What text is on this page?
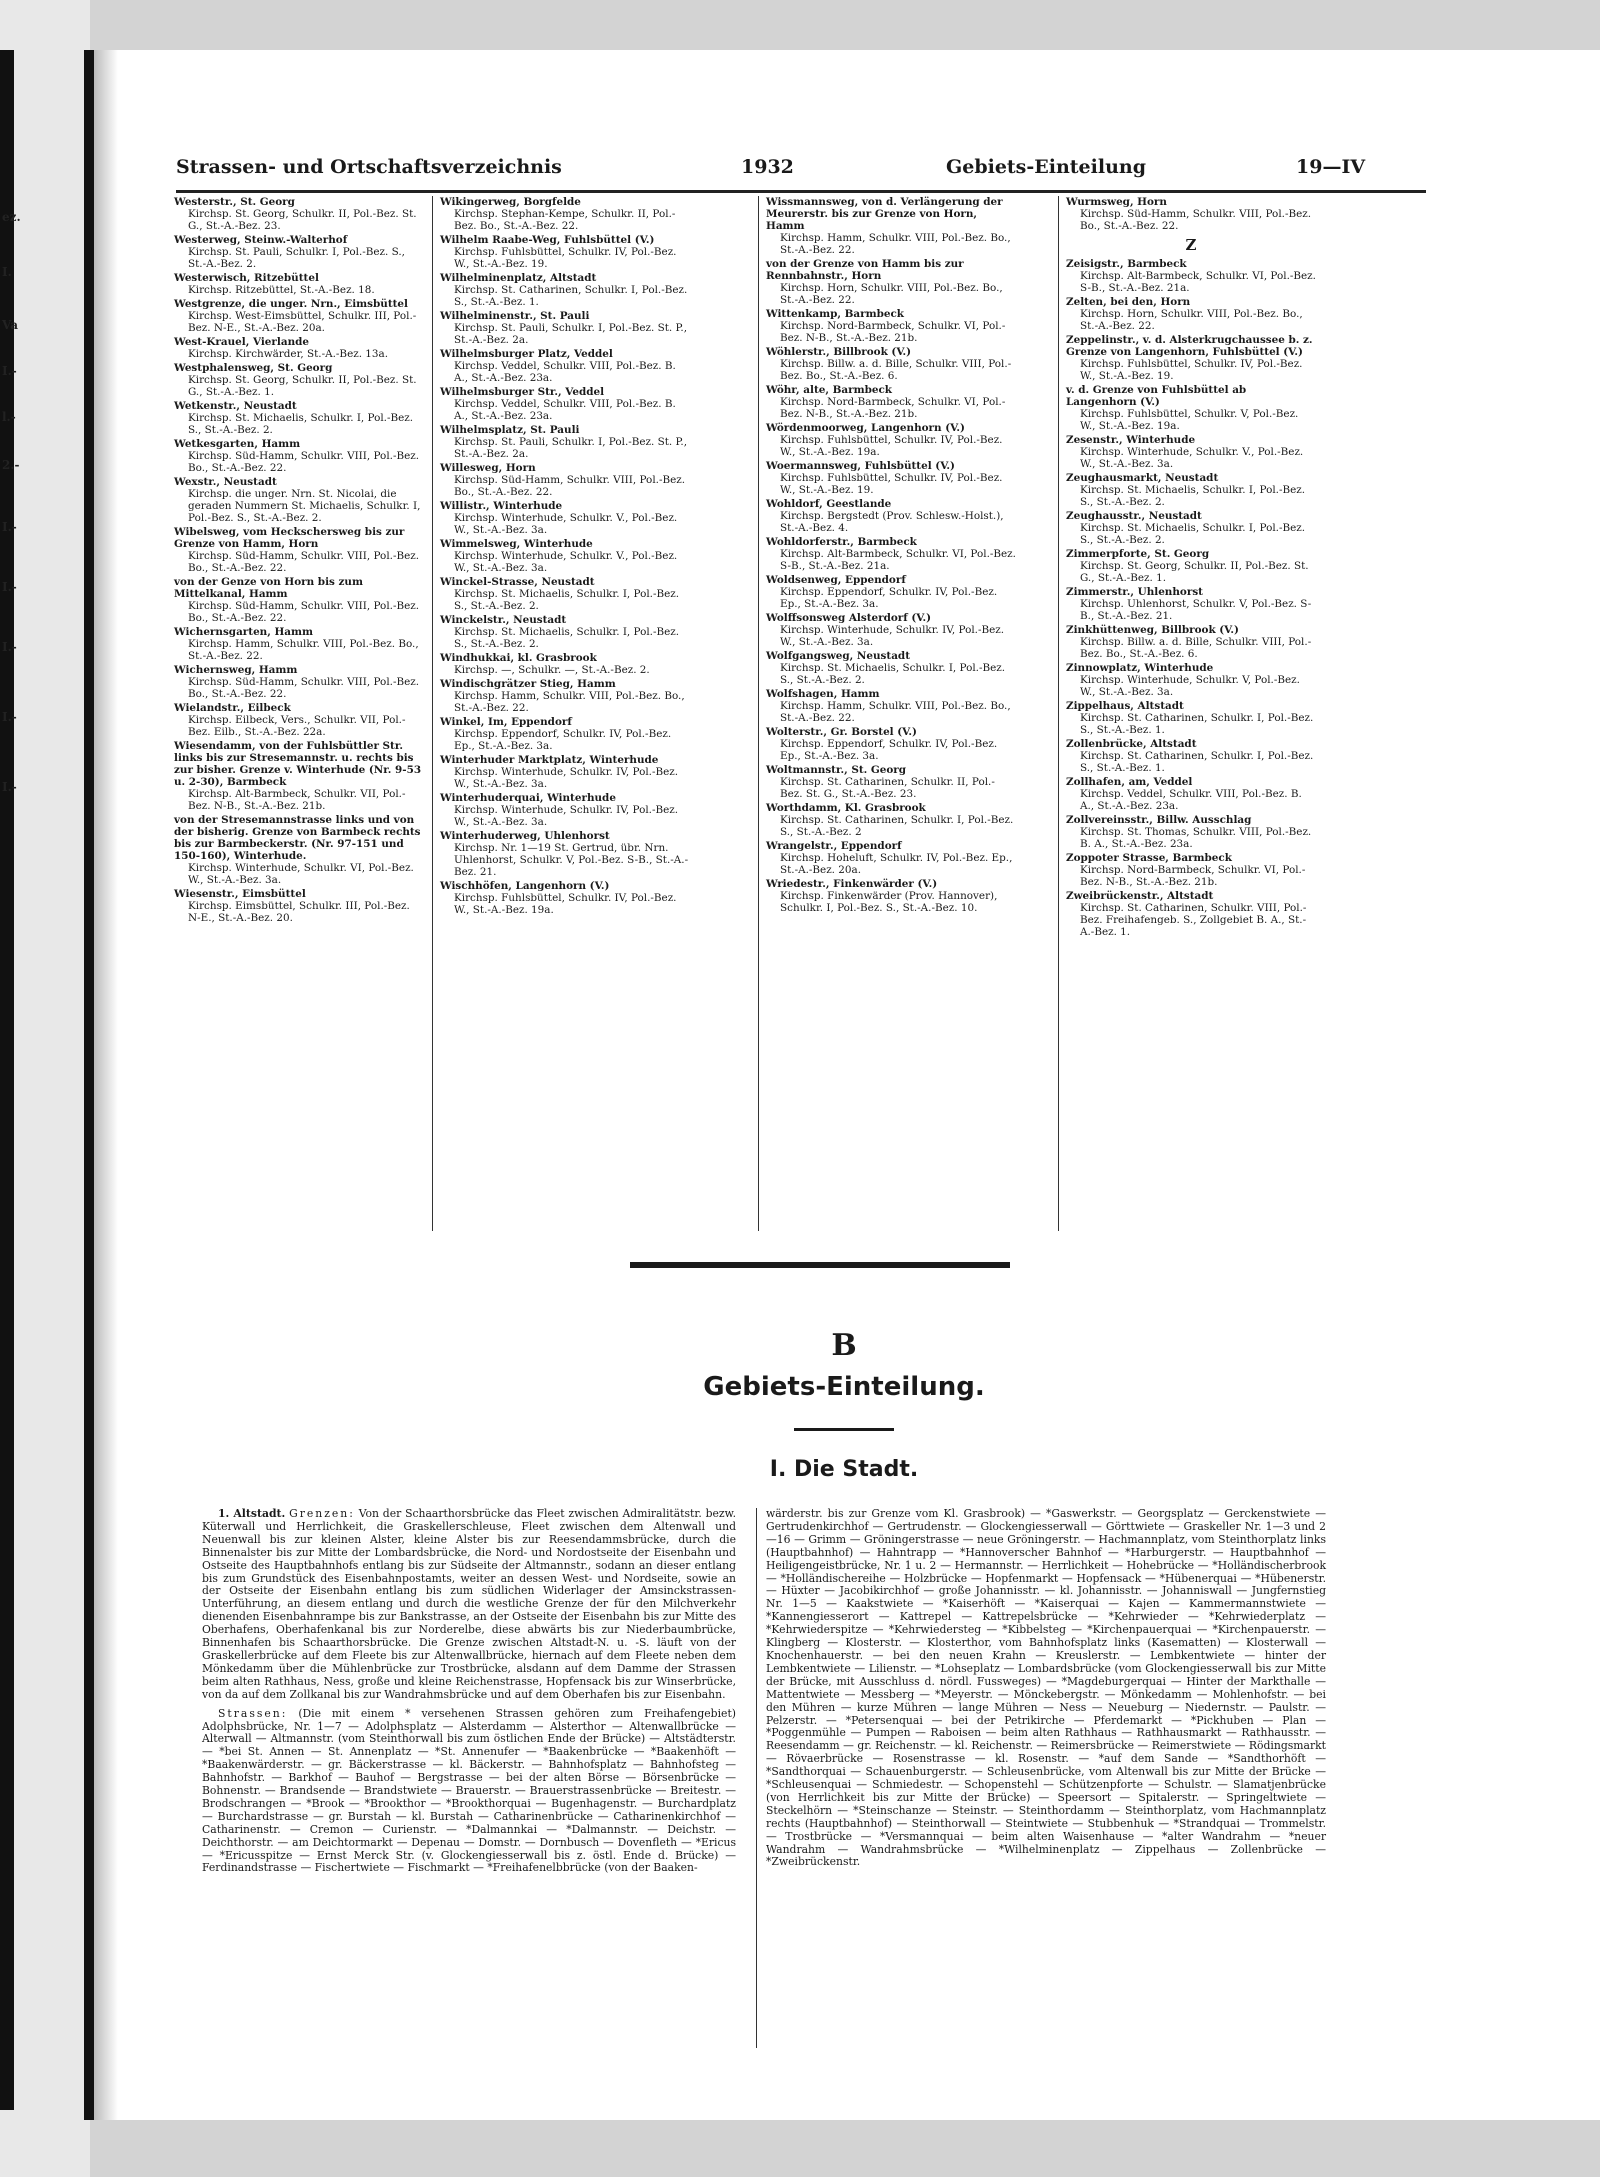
ez.
I.
Va
I.-
l.-
2.-
I.-
I.-
I.-
I.-
I.-
Strassen- und Ortschaftsverzeichnis	1932	Gebiets-Einteilung	19—IV
Westerstr., St. Georg
Kirchsp. St. Georg, Schulkr. II, Pol.-Bez. St. G., St.-A.-Bez. 23.
Westerweg, Steinw.-Walterhof
Kirchsp. St. Pauli, Schulkr. I, Pol.-Bez. S., St.-A.-Bez. 2.
Westerwisch, Ritzebüttel
Kirchsp. Ritzebüttel, St.-A.-Bez. 18.
Westgrenze, die unger. Nrn., Eimsbüttel
Kirchsp. West-Eimsbüttel, Schulkr. III, Pol.-Bez. N-E., St.-A.-Bez. 20a.
West-Krauel, Vierlande
Kirchsp. Kirchwärder, St.-A.-Bez. 13a.
Westphalensweg, St. Georg
Kirchsp. St. Georg, Schulkr. II, Pol.-Bez. St. G., St.-A.-Bez. 1.
Wetkenstr., Neustadt
Kirchsp. St. Michaelis, Schulkr. I, Pol.-Bez. S., St.-A.-Bez. 2.
Wetkesgarten, Hamm
Kirchsp. Süd-Hamm, Schulkr. VIII, Pol.-Bez. Bo., St.-A.-Bez. 22.
Wexstr., Neustadt
Kirchsp. die unger. Nrn. St. Nicolai, die geraden Nummern St. Michaelis, Schulkr. I, Pol.-Bez. S., St.-A.-Bez. 2.
Wibelsweg, vom Heckschersweg bis zur Grenze von Hamm, Horn
Kirchsp. Süd-Hamm, Schulkr. VIII, Pol.-Bez. Bo., St.-A.-Bez. 22.
von der Genze von Horn bis zum Mittelkanal, Hamm
Kirchsp. Süd-Hamm, Schulkr. VIII, Pol.-Bez. Bo., St.-A.-Bez. 22.
Wichernsgarten, Hamm
Kirchsp. Hamm, Schulkr. VIII, Pol.-Bez. Bo., St.-A.-Bez. 22.
Wichernsweg, Hamm
Kirchsp. Süd-Hamm, Schulkr. VIII, Pol.-Bez. Bo., St.-A.-Bez. 22.
Wielandstr., Eilbeck
Kirchsp. Eilbeck, Vers., Schulkr. VII, Pol.-Bez. Eilb., St.-A.-Bez. 22a.
Wiesendamm, von der Fuhlsbüttler Str. links bis zur Stresemannstr. u. rechts bis zur bisher. Grenze v. Winterhude (Nr. 9-53 u. 2-30), Barmbeck
Kirchsp. Alt-Barmbeck, Schulkr. VII, Pol.-Bez. N-B., St.-A.-Bez. 21b.
von der Stresemannstrasse links und von der bisherig. Grenze von Barmbeck rechts bis zur Barmbeckerstr. (Nr. 97-151 und 150-160), Winterhude.
Kirchsp. Winterhude, Schulkr. VI, Pol.-Bez. W., St.-A.-Bez. 3a.
Wiesenstr., Eimsbüttel
Kirchsp. Eimsbüttel, Schulkr. III, Pol.-Bez. N-E., St.-A.-Bez. 20.
Wikingerweg, Borgfelde
Kirchsp. Stephan-Kempe, Schulkr. II, Pol.-Bez. Bo., St.-A.-Bez. 22.
Wilhelm Raabe-Weg, Fuhlsbüttel (V.)
Kirchsp. Fuhlsbüttel, Schulkr. IV, Pol.-Bez. W., St.-A.-Bez. 19.
Wilhelminenplatz, Altstadt
Kirchsp. St. Catharinen, Schulkr. I, Pol.-Bez. S., St.-A.-Bez. 1.
Wilhelminenstr., St. Pauli
Kirchsp. St. Pauli, Schulkr. I, Pol.-Bez. St. P., St.-A.-Bez. 2a.
Wilhelmsburger Platz, Veddel
Kirchsp. Veddel, Schulkr. VIII, Pol.-Bez. B. A., St.-A.-Bez. 23a.
Wilhelmsburger Str., Veddel
Kirchsp. Veddel, Schulkr. VIII, Pol.-Bez. B. A., St.-A.-Bez. 23a.
Wilhelmsplatz, St. Pauli
Kirchsp. St. Pauli, Schulkr. I, Pol.-Bez. St. P., St.-A.-Bez. 2a.
Willesweg, Horn
Kirchsp. Süd-Hamm, Schulkr. VIII, Pol.-Bez. Bo., St.-A.-Bez. 22.
Willistr., Winterhude
Kirchsp. Winterhude, Schulkr. V., Pol.-Bez. W., St.-A.-Bez. 3a.
Wimmelsweg, Winterhude
Kirchsp. Winterhude, Schulkr. V., Pol.-Bez. W., St.-A.-Bez. 3a.
Winckel-Strasse, Neustadt
Kirchsp. St. Michaelis, Schulkr. I, Pol.-Bez. S., St.-A.-Bez. 2.
Winckelstr., Neustadt
Kirchsp. St. Michaelis, Schulkr. I, Pol.-Bez. S., St.-A.-Bez. 2.
Windhukkai, kl. Grasbrook
Kirchsp. —, Schulkr. —, St.-A.-Bez. 2.
Windischgrätzer Stieg, Hamm
Kirchsp. Hamm, Schulkr. VIII, Pol.-Bez. Bo., St.-A.-Bez. 22.
Winkel, Im, Eppendorf
Kirchsp. Eppendorf, Schulkr. IV, Pol.-Bez. Ep., St.-A.-Bez. 3a.
Winterhuder Marktplatz, Winterhude
Kirchsp. Winterhude, Schulkr. IV, Pol.-Bez. W., St.-A.-Bez. 3a.
Winterhuderquai, Winterhude
Kirchsp. Winterhude, Schulkr. IV, Pol.-Bez. W., St.-A.-Bez. 3a.
Winterhuderweg, Uhlenhorst
Kirchsp. Nr. 1—19 St. Gertrud, übr. Nrn. Uhlenhorst, Schulkr. V, Pol.-Bez. S-B., St.-A.-Bez. 21.
Wischhöfen, Langenhorn (V.)
Kirchsp. Fuhlsbüttel, Schulkr. IV, Pol.-Bez. W., St.-A.-Bez. 19a.
Wissmannsweg, von d. Verlängerung der Meurerstr. bis zur Grenze von Horn, Hamm
Kirchsp. Hamm, Schulkr. VIII, Pol.-Bez. Bo., St.-A.-Bez. 22.
von der Grenze von Hamm bis zur Rennbahnstr., Horn
Kirchsp. Horn, Schulkr. VIII, Pol.-Bez. Bo., St.-A.-Bez. 22.
Wittenkamp, Barmbeck
Kirchsp. Nord-Barmbeck, Schulkr. VI, Pol.-Bez. N-B., St.-A.-Bez. 21b.
Wöhlerstr., Billbrook (V.)
Kirchsp. Billw. a. d. Bille, Schulkr. VIII, Pol.-Bez. Bo., St.-A.-Bez. 6.
Wöhr, alte, Barmbeck
Kirchsp. Nord-Barmbeck, Schulkr. VI, Pol.-Bez. N-B., St.-A.-Bez. 21b.
Wördenmoorweg, Langenhorn (V.)
Kirchsp. Fuhlsbüttel, Schulkr. IV, Pol.-Bez. W., St.-A.-Bez. 19a.
Woermannsweg, Fuhlsbüttel (V.)
Kirchsp. Fuhlsbüttel, Schulkr. IV, Pol.-Bez. W., St.-A.-Bez. 19.
Wohldorf, Geestlande
Kirchsp. Bergstedt (Prov. Schlesw.-Holst.), St.-A.-Bez. 4.
Wohldorferstr., Barmbeck
Kirchsp. Alt-Barmbeck, Schulkr. VI, Pol.-Bez. S-B., St.-A.-Bez. 21a.
Woldsenweg, Eppendorf
Kirchsp. Eppendorf, Schulkr. IV, Pol.-Bez. Ep., St.-A.-Bez. 3a.
Wolffsonsweg Alsterdorf (V.)
Kirchsp. Winterhude, Schulkr. IV, Pol.-Bez. W., St.-A.-Bez. 3a.
Wolfgangsweg, Neustadt
Kirchsp. St. Michaelis, Schulkr. I, Pol.-Bez. S., St.-A.-Bez. 2.
Wolfshagen, Hamm
Kirchsp. Hamm, Schulkr. VIII, Pol.-Bez. Bo., St.-A.-Bez. 22.
Wolterstr., Gr. Borstel (V.)
Kirchsp. Eppendorf, Schulkr. IV, Pol.-Bez. Ep., St.-A.-Bez. 3a.
Woltmannstr., St. Georg
Kirchsp. St. Catharinen, Schulkr. II, Pol.-Bez. St. G., St.-A.-Bez. 23.
Worthdamm, Kl. Grasbrook
Kirchsp. St. Catharinen, Schulkr. I, Pol.-Bez. S., St.-A.-Bez. 2
Wrangelstr., Eppendorf
Kirchsp. Hoheluft, Schulkr. IV, Pol.-Bez. Ep., St.-A.-Bez. 20a.
Wriedestr., Finkenwärder (V.)
Kirchsp. Finkenwärder (Prov. Hannover), Schulkr. I, Pol.-Bez. S., St.-A.-Bez. 10.
Wurmsweg, Horn
Kirchsp. Süd-Hamm, Schulkr. VIII, Pol.-Bez. Bo., St.-A.-Bez. 22.
Z
Zeisigstr., Barmbeck
Kirchsp. Alt-Barmbeck, Schulkr. VI, Pol.-Bez. S-B., St.-A.-Bez. 21a.
Zelten, bei den, Horn
Kirchsp. Horn, Schulkr. VIII, Pol.-Bez. Bo., St.-A.-Bez. 22.
Zeppelinstr., v. d. Alsterkrugchaussee b. z. Grenze von Langenhorn, Fuhlsbüttel (V.)
Kirchsp. Fuhlsbüttel, Schulkr. IV, Pol.-Bez. W., St.-A.-Bez. 19.
v. d. Grenze von Fuhlsbüttel ab Langenhorn (V.)
Kirchsp. Fuhlsbüttel, Schulkr. V, Pol.-Bez. W., St.-A.-Bez. 19a.
Zesenstr., Winterhude
Kirchsp. Winterhude, Schulkr. V., Pol.-Bez. W., St.-A.-Bez. 3a.
Zeughausmarkt, Neustadt
Kirchsp. St. Michaelis, Schulkr. I, Pol.-Bez. S., St.-A.-Bez. 2.
Zeughausstr., Neustadt
Kirchsp. St. Michaelis, Schulkr. I, Pol.-Bez. S., St.-A.-Bez. 2.
Zimmerpforte, St. Georg
Kirchsp. St. Georg, Schulkr. II, Pol.-Bez. St. G., St.-A.-Bez. 1.
Zimmerstr., Uhlenhorst
Kirchsp. Uhlenhorst, Schulkr. V, Pol.-Bez. S-B., St.-A.-Bez. 21.
Zinkhüttenweg, Billbrook (V.)
Kirchsp. Billw. a. d. Bille, Schulkr. VIII, Pol.-Bez. Bo., St.-A.-Bez. 6.
Zinnowplatz, Winterhude
Kirchsp. Winterhude, Schulkr. V, Pol.-Bez. W., St.-A.-Bez. 3a.
Zippelhaus, Altstadt
Kirchsp. St. Catharinen, Schulkr. I, Pol.-Bez. S., St.-A.-Bez. 1.
Zollenbrücke, Altstadt
Kirchsp. St. Catharinen, Schulkr. I, Pol.-Bez. S., St.-A.-Bez. 1.
Zollhafen, am, Veddel
Kirchsp. Veddel, Schulkr. VIII, Pol.-Bez. B. A., St.-A.-Bez. 23a.
Zollvereinsstr., Billw. Ausschlag
Kirchsp. St. Thomas, Schulkr. VIII, Pol.-Bez. B. A., St.-A.-Bez. 23a.
Zoppoter Strasse, Barmbeck
Kirchsp. Nord-Barmbeck, Schulkr. VI, Pol.-Bez. N-B., St.-A.-Bez. 21b.
Zweibrückenstr., Altstadt
Kirchsp. St. Catharinen, Schulkr. VIII, Pol.-Bez. Freihafengeb. S., Zollgebiet B. A., St.-A.-Bez. 1.
B
Gebiets-Einteilung.
I. Die Stadt.

1. Altstadt. Grenzen: Von der Schaarthorsbrücke das Fleet zwischen Admiralitätstr. bezw. Küterwall und Herrlichkeit, die Graskellerschleuse, Fleet zwischen dem Altenwall und Neuenwall bis zur kleinen Alster, kleine Alster bis zur Reesendammsbrücke, durch die Binnenalster bis zur Mitte der Lombardsbrücke, die Nord- und Nordostseite der Eisenbahn und Ostseite des Hauptbahnhofs entlang bis zur Südseite der Altmannstr., sodann an dieser entlang bis zum Grundstück des Eisenbahnpostamts, weiter an dessen West- und Nordseite, sowie an der Ostseite der Eisenbahn entlang bis zum südlichen Widerlager der Amsinckstrassen-Unterführung, an diesem entlang und durch die westliche Grenze der für den Milchverkehr dienenden Eisenbahnrampe bis zur Bankstrasse, an der Ostseite der Eisenbahn bis zur Mitte des Oberhafens, Oberhafenkanal bis zur Norderelbe, diese abwärts bis zur Niederbaumbrücke, Binnenhafen bis Schaarthorsbrücke. Die Grenze zwischen Altstadt-N. u. -S. läuft von der Graskellerbrücke auf dem Fleete bis zur Altenwallbrücke, hiernach auf dem Fleete neben dem Mönkedamm über die Mühlenbrücke zur Trostbrücke, alsdann auf dem Damme der Strassen beim alten Rathhaus, Ness, große und kleine Reichenstrasse, Hopfensack bis zur Winserbrücke, von da auf dem Zollkanal bis zur Wandrahmsbrücke und auf dem Oberhafen bis zur Eisenbahn.

Strassen: (Die mit einem * versehenen Strassen gehören zum Freihafengebiet) Adolphsbrücke, Nr. 1—7 — Adolphsplatz — Alsterdamm — Alsterthor — Altenwallbrücke — Alterwall — Altmannstr. (vom Steinthorwall bis zum östlichen Ende der Brücke) — Altstädterstr. — *bei St. Annen — St. Annenplatz — *St. Annenufer — *Baakenbrücke — *Baakenhöft — *Baakenwärderstr. — gr. Bäckerstrasse — kl. Bäckerstr. — Bahnhofsplatz — Bahnhofsteg — Bahnhofstr. — Barkhof — Bauhof — Bergstrasse — bei der alten Börse — Börsenbrücke — Bohnenstr. — Brandsende — Brandstwiete — Brauerstr. — Brauerstrassenbrücke — Breitestr. — Brodschrangen — *Brook — *Brookthor — *Brookthorquai — Bugenhagenstr. — Burchardplatz — Burchardstrasse — gr. Burstah — kl. Burstah — Catharinenbrücke — Catharinenkirchhof — Catharinenstr. — Cremon — Curienstr. — *Dalmannkai — *Dalmannstr. — Deichstr. — Deichthorstr. — am Deichtormarkt — Depenau — Domstr. — Dornbusch — Dovenfleth — *Ericus — *Ericusspitze — Ernst Merck Str. (v. Glockengiesserwall bis z. östl. Ende d. Brücke) — Ferdinandstrasse — Fischertwiete — Fischmarkt — *Freihafenelbbrücke (von der Baaken-

wärderstr. bis zur Grenze vom Kl. Grasbrook) — *Gaswerkstr. — Georgsplatz — Gerckenstwiete — Gertrudenkirchhof — Gertrudenstr. — Glockengiesserwall — Görttwiete — Graskeller Nr. 1—3 und 2—16 — Grimm — Gröningerstrasse — neue Gröningerstr. — Hachmannplatz, vom Steinthorplatz links (Hauptbahnhof) — Hahntrapp — *Hannoverscher Bahnhof — *Harburgerstr. — Hauptbahnhof — Heiligengeistbrücke, Nr. 1 u. 2 — Hermannstr. — Herrlichkeit — Hohebrücke — *Holländischerbrook — *Holländischereihe — Holzbrücke — Hopfenmarkt — Hopfensack — *Hübenerquai — *Hübenerstr. — Hüxter — Jacobikirchhof — große Johannisstr. — kl. Johannisstr. — Johanniswall — Jungfernstieg Nr. 1—5 — Kaakstwiete — *Kaiserhöft — *Kaiserquai — Kajen — Kammermannstwiete — *Kannengiesserort — Kattrepel — Kattrepelsbrücke — *Kehrwieder — *Kehrwiederplatz — *Kehrwiederspitze — *Kehrwiedersteg — *Kibbelsteg — *Kirchenpauerquai — *Kirchenpauerstr. — Klingberg — Klosterstr. — Klosterthor, vom Bahnhofsplatz links (Kasematten) — Klosterwall — Knochenhauerstr. — bei den neuen Krahn — Kreuslerstr. — Lembkentwiete — hinter der Lembkentwiete — Lilienstr. — *Lohseplatz — Lombardsbrücke (vom Glockengiesserwall bis zur Mitte der Brücke, mit Ausschluss d. nördl. Fussweges) — *Magdeburgerquai — Hinter der Markthalle — Mattentwiete — Messberg — *Meyerstr. — Mönckebergstr. — Mönkedamm — Mohlenhofstr. — bei den Mühren — kurze Mühren — lange Mühren — Ness — Neueburg — Niedernstr. — Paulstr. — Pelzerstr. — *Petersenquai — bei der Petrikirche — Pferdemarkt — *Pickhuben — Plan — *Poggenmühle — Pumpen — Raboisen — beim alten Rathhaus — Rathhausmarkt — Rathhausstr. — Reesendamm — gr. Reichenstr. — kl. Reichenstr. — Reimersbrücke — Reimerstwiete — Rödingsmarkt — Rövaerbrücke — Rosenstrasse — kl. Rosenstr. — *auf dem Sande — *Sandthorhöft — *Sandthorquai — Schauenburgerstr. — Schleusenbrücke, vom Altenwall bis zur Mitte der Brücke — *Schleusenquai — Schmiedestr. — Schopenstehl — Schützenpforte — Schulstr. — Slamatjenbrücke (von Herrlichkeit bis zur Mitte der Brücke) — Speersort — Spitalerstr. — Springeltwiete — Steckelhörn — *Steinschanze — Steinstr. — Steinthordamm — Steinthorplatz, vom Hachmannplatz rechts (Hauptbahnhof) — Steinthorwall — Steintwiete — Stubbenhuk — *Strandquai — Trommelstr. — Trostbrücke — *Versmannquai — beim alten Waisenhause — *alter Wandrahm — *neuer Wandrahm — Wandrahmsbrücke — *Wilhelminenplatz — Zippelhaus — Zollenbrücke — *Zweibrückenstr.
